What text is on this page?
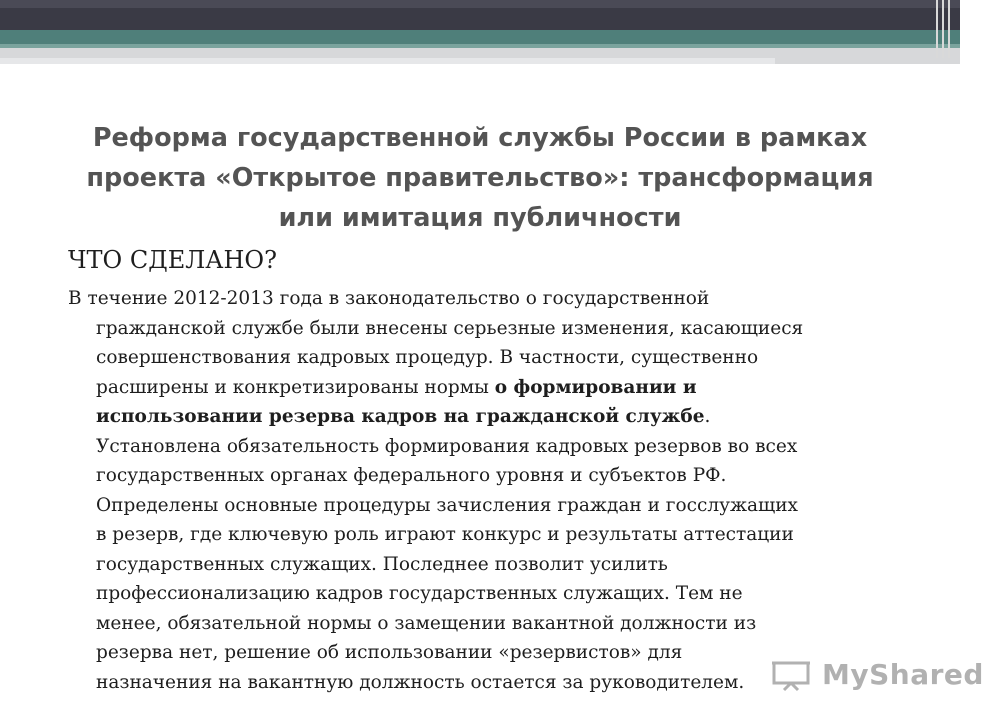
Реформа государственной службы России в рамках
проекта «Открытое правительство»: трансформация
или имитация публичности
ЧТО СДЕЛАНО?

В течение 2012-2013 года в законодательство о государственной
гражданской службе были внесены серьезные изменения, касающиеся
совершенствования кадровых процедур. В частности, существенно
расширены и конкретизированы нормы о формировании и
использовании резерва кадров на гражданской службе.
Установлена обязательность формирования кадровых резервов во всех
государственных органах федерального уровня и субъектов РФ.
Определены основные процедуры зачисления граждан и госслужащих
в резерв, где ключевую роль играют конкурс и результаты аттестации
государственных служащих. Последнее позволит усилить
профессионализацию кадров государственных служащих. Тем не
менее, обязательной нормы о замещении вакантной должности из
резерва нет, решение об использовании «резервистов» для
назначения на вакантную должность остается за руководителем.	MyShared
